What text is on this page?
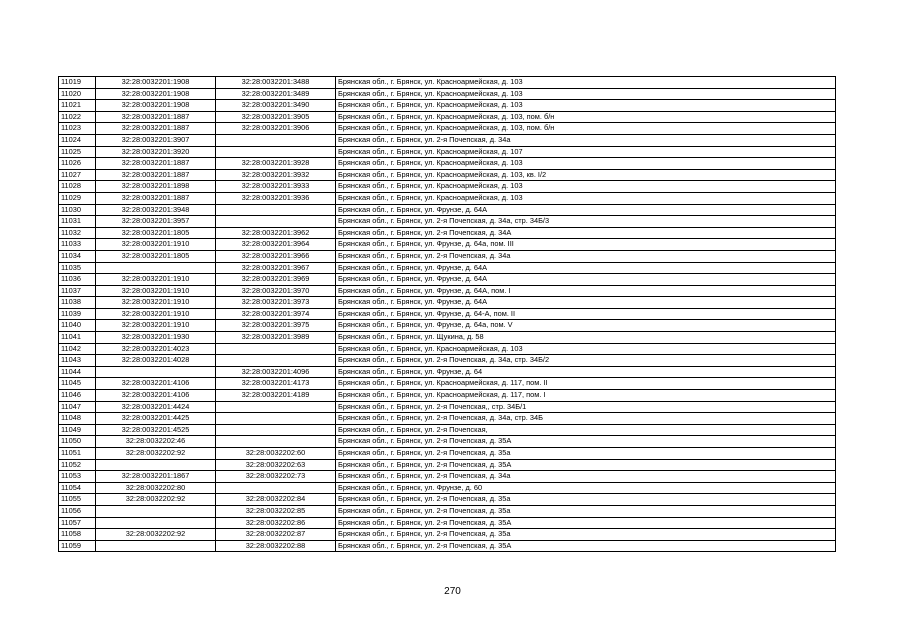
11019	32:28:0032201:1908	32:28:0032201:3488	Брянская обл., г. Брянск, ул. Красноармейская, д. 103
11020	32:28:0032201:1908	32:28:0032201:3489	Брянская обл., г. Брянск, ул. Красноармейская, д. 103
11021	32:28:0032201:1908	32:28:0032201:3490	Брянская обл., г. Брянск, ул. Красноармейская, д. 103
11022	32:28:0032201:1887	32:28:0032201:3905	Брянская обл., г. Брянск, ул. Красноармейская, д. 103, пом. б/н
11023	32:28:0032201:1887	32:28:0032201:3906	Брянская обл., г. Брянск, ул. Красноармейская, д. 103, пом. б/н
11024	32:28:0032201:3907		Брянская обл., г. Брянск, ул. 2-я Почепская, д. 34а
11025	32:28:0032201:3920		Брянская обл., г. Брянск, ул. Красноармейская, д. 107
11026	32:28:0032201:1887	32:28:0032201:3928	Брянская обл., г. Брянск, ул. Красноармейская, д. 103
11027	32:28:0032201:1887	32:28:0032201:3932	Брянская обл., г. Брянск, ул. Красноармейская, д. 103, кв. I/2
11028	32:28:0032201:1898	32:28:0032201:3933	Брянская обл., г. Брянск, ул. Красноармейская, д. 103
11029	32:28:0032201:1887	32:28:0032201:3936	Брянская обл., г. Брянск, ул. Красноармейская, д. 103
11030	32:28:0032201:3948		Брянская обл., г. Брянск, ул. Фрунзе, д. 64А
11031	32:28:0032201:3957		Брянская обл., г. Брянск, ул. 2-я Почепская, д. 34а, стр. 34Б/3
11032	32:28:0032201:1805	32:28:0032201:3962	Брянская обл., г. Брянск, ул. 2-я Почепская, д. 34А
11033	32:28:0032201:1910	32:28:0032201:3964	Брянская обл., г. Брянск, ул. Фрунзе, д. 64а, пом. III
11034	32:28:0032201:1805	32:28:0032201:3966	Брянская обл., г. Брянск, ул. 2-я Почепская, д. 34а
11035		32:28:0032201:3967	Брянская обл., г. Брянск, ул. Фрунзе, д. 64А
11036	32:28:0032201:1910	32:28:0032201:3969	Брянская обл., г. Брянск, ул. Фрунзе, д. 64А
11037	32:28:0032201:1910	32:28:0032201:3970	Брянская обл., г. Брянск, ул. Фрунзе, д. 64А, пом. I
11038	32:28:0032201:1910	32:28:0032201:3973	Брянская обл., г. Брянск, ул. Фрунзе, д. 64А
11039	32:28:0032201:1910	32:28:0032201:3974	Брянская обл., г. Брянск, ул. Фрунзе, д. 64-А, пом. II
11040	32:28:0032201:1910	32:28:0032201:3975	Брянская обл., г. Брянск, ул. Фрунзе, д. 64а, пом. V
11041	32:28:0032201:1930	32:28:0032201:3989	Брянская обл., г. Брянск, ул. Щукина, д. 58
11042	32:28:0032201:4023		Брянская обл., г. Брянск, ул. Красноармейская, д. 103
11043	32:28:0032201:4028		Брянская обл., г. Брянск, ул. 2-я Почепская, д. 34а, стр. 34Б/2
11044		32:28:0032201:4096	Брянская обл., г. Брянск, ул. Фрунзе, д. 64
11045	32:28:0032201:4106	32:28:0032201:4173	Брянская обл., г. Брянск, ул. Красноармейская, д. 117, пом. II
11046	32:28:0032201:4106	32:28:0032201:4189	Брянская обл., г. Брянск, ул. Красноармейская, д. 117, пом. I
11047	32:28:0032201:4424		Брянская обл., г. Брянск, ул. 2-я Почепская,, стр. 34Б/1
11048	32:28:0032201:4425		Брянская обл., г. Брянск, ул. 2-я Почепская, д. 34а, стр. 34Б
11049	32:28:0032201:4525		Брянская обл., г. Брянск, ул. 2-я Почепская,
11050	32:28:0032202:46		Брянская обл., г. Брянск, ул. 2-я Почепская, д. 35А
11051	32:28:0032202:92	32:28:0032202:60	Брянская обл., г. Брянск, ул. 2-я Почепская, д. 35а
11052		32:28:0032202:63	Брянская обл., г. Брянск, ул. 2-я Почепская, д. 35А
11053	32:28:0032201:1867	32:28:0032202:73	Брянская обл., г. Брянск, ул. 2-я Почепская, д. 34а
11054	32:28:0032202:80		Брянская обл., г. Брянск, ул. Фрунзе, д. 60
11055	32:28:0032202:92	32:28:0032202:84	Брянская обл., г. Брянск, ул. 2-я Почепская, д. 35а
11056		32:28:0032202:85	Брянская обл., г. Брянск, ул. 2-я Почепская, д. 35а
11057		32:28:0032202:86	Брянская обл., г. Брянск, ул. 2-я Почепская, д. 35А
11058	32:28:0032202:92	32:28:0032202:87	Брянская обл., г. Брянск, ул. 2-я Почепская, д. 35а
11059		32:28:0032202:88	Брянская обл., г. Брянск, ул. 2-я Почепская, д. 35А
270
